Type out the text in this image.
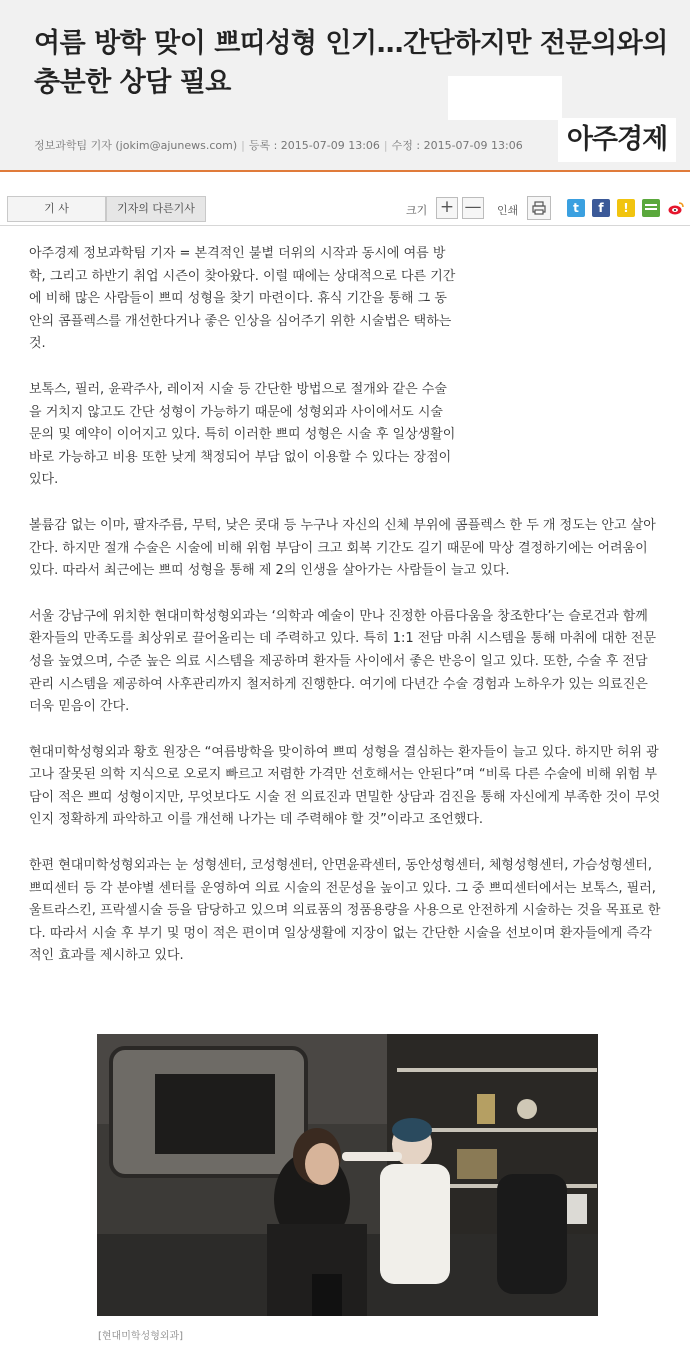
여름 방학 맞이 쁘띠성형 인기…간단하지만 전문의와의 충분한 상담 필요
정보과학팀 기자 (jokim@ajunews.com) | 등록 : 2015-07-09 13:06 | 수정 : 2015-07-09 13:06	아주경제
기 사	기자의 다른기사	크기 + — 인쇄	t	f	!

아주경제 정보과학팀 기자 = 본격적인 불볕 더위의 시작과 동시에 여름 방학, 그리고 하반기 취업 시즌이 찾아왔다. 이럴 때에는 상대적으로 다른 기간에 비해 많은 사람들이 쁘띠 성형을 찾기 마련이다. 휴식 기간을 통해 그 동안의 콤플렉스를 개선한다거나 좋은 인상을 심어주기 위한 시술법은 택하는 것.

보톡스, 필러, 윤곽주사, 레이저 시술 등 간단한 방법으로 절개와 같은 수술을 거치지 않고도 간단 성형이 가능하기 때문에 성형외과 사이에서도 시술 문의 및 예약이 이어지고 있다. 특히 이러한 쁘띠 성형은 시술 후 일상생활이 바로 가능하고 비용 또한 낮게 책정되어 부담 없이 이용할 수 있다는 장점이 있다.

볼륨감 없는 이마, 팔자주름, 무턱, 낮은 콧대 등 누구나 자신의 신체 부위에 콤플렉스 한 두 개 정도는 안고 살아간다. 하지만 절개 수술은 시술에 비해 위험 부담이 크고 회복 기간도 길기 때문에 막상 결정하기에는 어려움이 있다. 따라서 최근에는 쁘띠 성형을 통해 제 2의 인생을 살아가는 사람들이 늘고 있다.

서울 강남구에 위치한 현대미학성형외과는 ‘의학과 예술이 만나 진정한 아름다움을 창조한다’는 슬로건과 함께 환자들의 만족도를 최상위로 끌어올리는 데 주력하고 있다. 특히 1:1 전담 마취 시스템을 통해 마취에 대한 전문성을 높였으며, 수준 높은 의료 시스템을 제공하며 환자들 사이에서 좋은 반응이 일고 있다. 또한, 수술 후 전담 관리 시스템을 제공하여 사후관리까지 철저하게 진행한다. 여기에 다년간 수술 경험과 노하우가 있는 의료진은 더욱 믿음이 간다.

현대미학성형외과 황호 원장은 “여름방학을 맞이하여 쁘띠 성형을 결심하는 환자들이 늘고 있다. 하지만 허위 광고나 잘못된 의학 지식으로 오로지 빠르고 저렴한 가격만 선호해서는 안된다”며 “비록 다른 수술에 비해 위험 부담이 적은 쁘띠 성형이지만, 무엇보다도 시술 전 의료진과 면밀한 상담과 검진을 통해 자신에게 부족한 것이 무엇인지 정확하게 파악하고 이를 개선해 나가는 데 주력해야 할 것”이라고 조언했다.

한편 현대미학성형외과는 눈 성형센터, 코성형센터, 안면윤곽센터, 동안성형센터, 체형성형센터, 가슴성형센터, 쁘띠센터 등 각 분야별 센터를 운영하여 의료 시술의 전문성을 높이고 있다. 그 중 쁘띠센터에서는 보톡스, 필러, 울트라스킨, 프락셀시술 등을 담당하고 있으며 의료품의 정품용량을 사용으로 안전하게 시술하는 것을 목표로 한다. 따라서 시술 후 부기 및 멍이 적은 편이며 일상생활에 지장이 없는 간단한 시술을 선보이며 환자들에게 즉각적인 효과를 제시하고 있다.

[현대미학성형외과]
